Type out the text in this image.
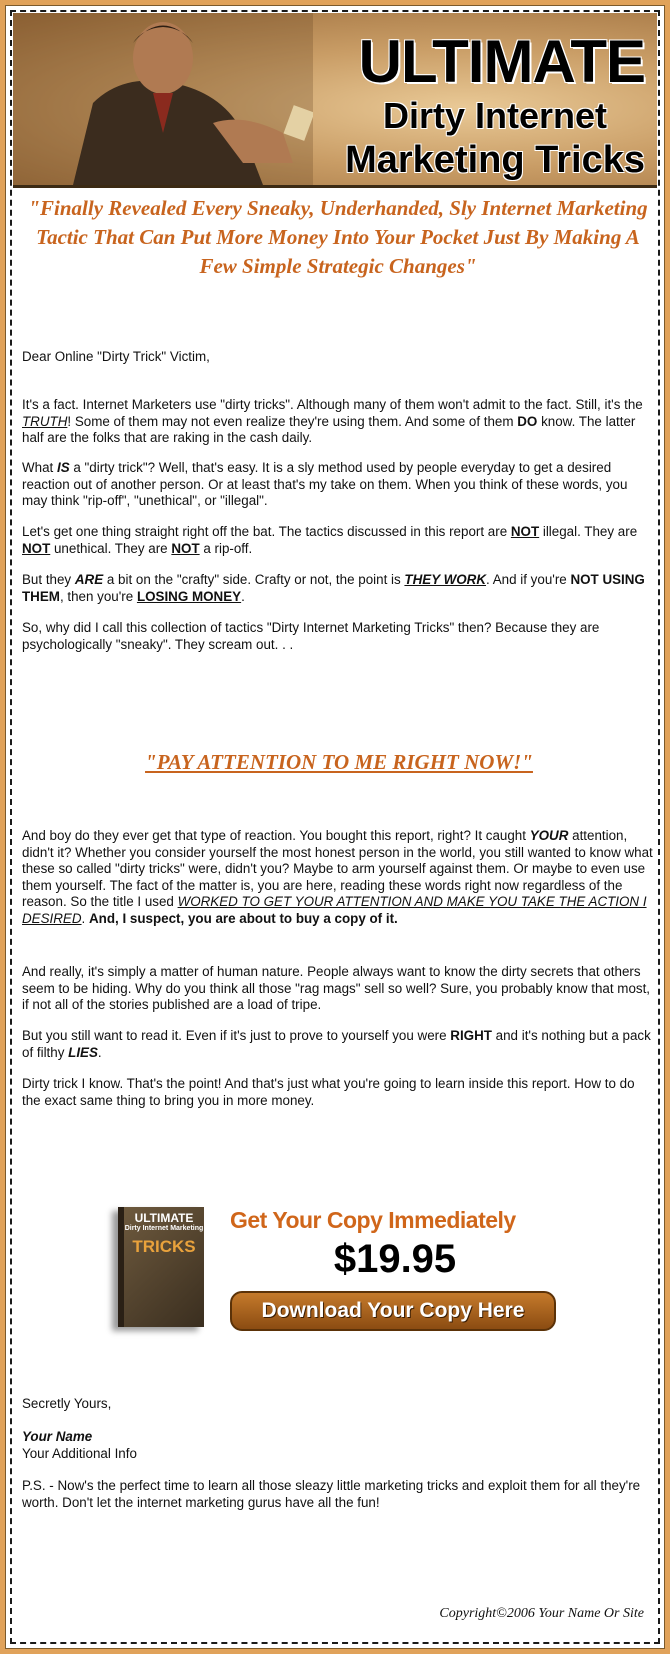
ULTIMATE
Dirty Internet
Marketing Tricks
"Finally Revealed Every Sneaky, Underhanded, Sly Internet Marketing Tactic That Can Put More Money Into Your Pocket Just By Making A Few Simple Strategic Changes"
Dear Online "Dirty Trick" Victim,
It's a fact. Internet Marketers use "dirty tricks". Although many of them won't admit to the fact. Still, it's the TRUTH! Some of them may not even realize they're using them. And some of them DO know. The latter half are the folks that are raking in the cash daily.
What IS a "dirty trick"? Well, that's easy. It is a sly method used by people everyday to get a desired reaction out of another person. Or at least that's my take on them. When you think of these words, you may think "rip-off", "unethical", or "illegal".
Let's get one thing straight right off the bat. The tactics discussed in this report are NOT illegal. They are NOT unethical. They are NOT a rip-off.
But they ARE a bit on the "crafty" side. Crafty or not, the point is THEY WORK. And if you're NOT USING THEM, then you're LOSING MONEY.
So, why did I call this collection of tactics "Dirty Internet Marketing Tricks" then? Because they are psychologically "sneaky". They scream out. . .
"PAY ATTENTION TO ME RIGHT NOW!"
And boy do they ever get that type of reaction. You bought this report, right? It caught YOUR attention, didn't it? Whether you consider yourself the most honest person in the world, you still wanted to know what these so called "dirty tricks" were, didn't you? Maybe to arm yourself against them. Or maybe to even use them yourself. The fact of the matter is, you are here, reading these words right now regardless of the reason. So the title I used WORKED TO GET YOUR ATTENTION AND MAKE YOU TAKE THE ACTION I DESIRED. And, I suspect, you are about to buy a copy of it.
And really, it's simply a matter of human nature. People always want to know the dirty secrets that others seem to be hiding. Why do you think all those "rag mags" sell so well? Sure, you probably know that most, if not all of the stories published are a load of tripe.
But you still want to read it. Even if it's just to prove to yourself you were RIGHT and it's nothing but a pack of filthy LIES.
Dirty trick I know. That's the point! And that's just what you're going to learn inside this report. How to do the exact same thing to bring you in more money.
ULTIMATE
Dirty Internet Marketing
TRICKS
Get Your Copy Immediately
$19.95
Download Your Copy Here
Secretly Yours,
Your Name
Your Additional Info
P.S. - Now's the perfect time to learn all those sleazy little marketing tricks and exploit them for all they're worth. Don't let the internet marketing gurus have all the fun!
Copyright©2006 Your Name Or Site
